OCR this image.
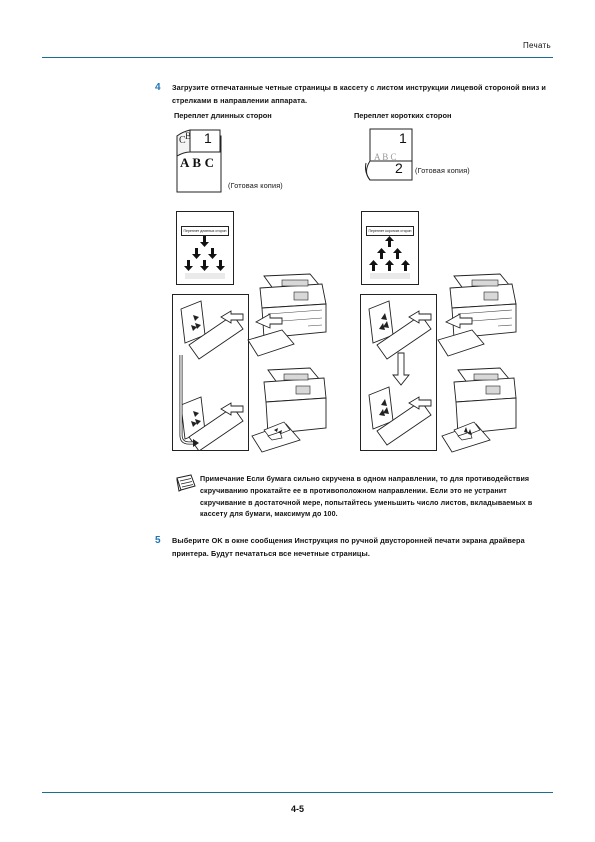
Печать
4 Загрузите отпечатанные четные страницы в кассету с листом инструкции лицевой стороной вниз и стрелками в направлении аппарата.
Переплет длинных сторон	Переплет коротких сторон
C B 1
A B C
(Готовая копия)
A B C
1
2 (Готовая копия)
Переплет длинных сторон	Переплет коротких сторон
Примечание Если бумага сильно скручена в одном направлении, то для противодействия скручиванию прокатайте ее в противоположном направлении. Если это не устранит скручивание в достаточной мере, попытайтесь уменьшить число листов, вкладываемых в кассету для бумаги, максимум до 100.
5 Выберите OK в окне сообщения Инструкция по ручной двусторонней печати экрана драйвера принтера. Будут печататься все нечетные страницы.
4-5
